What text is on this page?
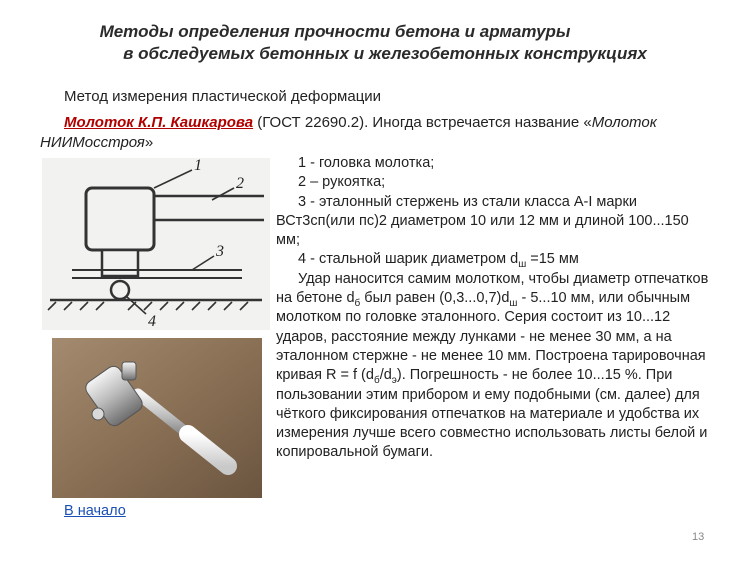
Методы определения прочности бетона и арматуры
в обследуемых бетонных и железобетонных конструкциях

Метод измерения пластической деформации

Молоток К.П. Кашкарова (ГОСТ 22690.2). Иногда встречается название «Молоток НИИМосстроя»

1
2
3
4

1 - головка молотка;

2 – рукоятка;

3 - эталонный стержень из стали класса А-I марки ВСт3сп(или пс)2 диаметром 10 или 12 мм и длиной 100...150 мм;

4 - стальной шарик диаметром $d_ш =15$ мм

Удар наносится самим молотком, чтобы диаметр отпечатков на бетоне $d_б$ был равен $(0,3...0,7)d_ш - 5...10$ мм, или обычным молотком по головке эталонного. Серия состоит из 10...12 ударов, расстояние между лунками - не менее 30 мм, а на эталонном стержне - не менее 10 мм. Построена тарировочная кривая R = f $(d_б/d_э)$. Погрешность - не более 10...15 %. При пользовании этим прибором и ему подобными (см. далее) для чёткого фиксирования отпечатков на материале и удобства их измерения лучше всего совместно использовать листы белой и копировальной бумаги.

В начало
13
